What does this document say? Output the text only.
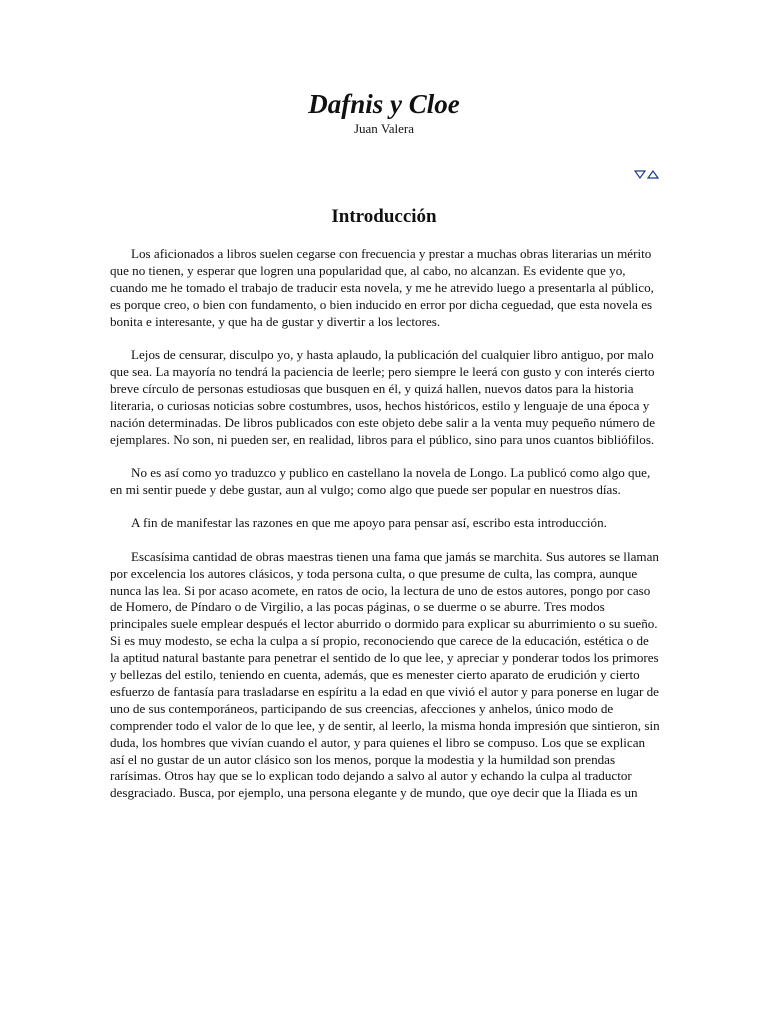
Dafnis y Cloe
Juan Valera
Introducción

Los aficionados a libros suelen cegarse con frecuencia y prestar a muchas obras literarias un mérito que no tienen, y esperar que logren una popularidad que, al cabo, no alcanzan. Es evidente que yo, cuando me he tomado el trabajo de traducir esta novela, y me he atrevido luego a presentarla al público, es porque creo, o bien con fundamento, o bien inducido en error por dicha ceguedad, que esta novela es bonita e interesante, y que ha de gustar y divertir a los lectores.

Lejos de censurar, disculpo yo, y hasta aplaudo, la publicación del cualquier libro antiguo, por malo que sea. La mayoría no tendrá la paciencia de leerle; pero siempre le leerá con gusto y con interés cierto breve círculo de personas estudiosas que busquen en él, y quizá hallen, nuevos datos para la historia literaria, o curiosas noticias sobre costumbres, usos, hechos históricos, estilo y lenguaje de una época y nación determinadas. De libros publicados con este objeto debe salir a la venta muy pequeño número de ejemplares. No son, ni pueden ser, en realidad, libros para el público, sino para unos cuantos bibliófilos.

No es así como yo traduzco y publico en castellano la novela de Longo. La publicó como algo que, en mi sentir puede y debe gustar, aun al vulgo; como algo que puede ser popular en nuestros días.

A fin de manifestar las razones en que me apoyo para pensar así, escribo esta introducción.

Escasísima cantidad de obras maestras tienen una fama que jamás se marchita. Sus autores se llaman por excelencia los autores clásicos, y toda persona culta, o que presume de culta, las compra, aunque nunca las lea. Si por acaso acomete, en ratos de ocio, la lectura de uno de estos autores, pongo por caso de Homero, de Píndaro o de Virgilio, a las pocas páginas, o se duerme o se aburre. Tres modos principales suele emplear después el lector aburrido o dormido para explicar su aburrimiento o su sueño. Si es muy modesto, se echa la culpa a sí propio, reconociendo que carece de la educación, estética o de la aptitud natural bastante para penetrar el sentido de lo que lee, y apreciar y ponderar todos los primores y bellezas del estilo, teniendo en cuenta, además, que es menester cierto aparato de erudición y cierto esfuerzo de fantasía para trasladarse en espíritu a la edad en que vivió el autor y para ponerse en lugar de uno de sus contemporáneos, participando de sus creencias, afecciones y anhelos, único modo de comprender todo el valor de lo que lee, y de sentir, al leerlo, la misma honda impresión que sintieron, sin duda, los hombres que vivían cuando el autor, y para quienes el libro se compuso. Los que se explican así el no gustar de un autor clásico son los menos, porque la modestia y la humildad son prendas rarísimas. Otros hay que se lo explican todo dejando a salvo al autor y echando la culpa al traductor desgraciado. Busca, por ejemplo, una persona elegante y de mundo, que oye decir que la Iliada es un
